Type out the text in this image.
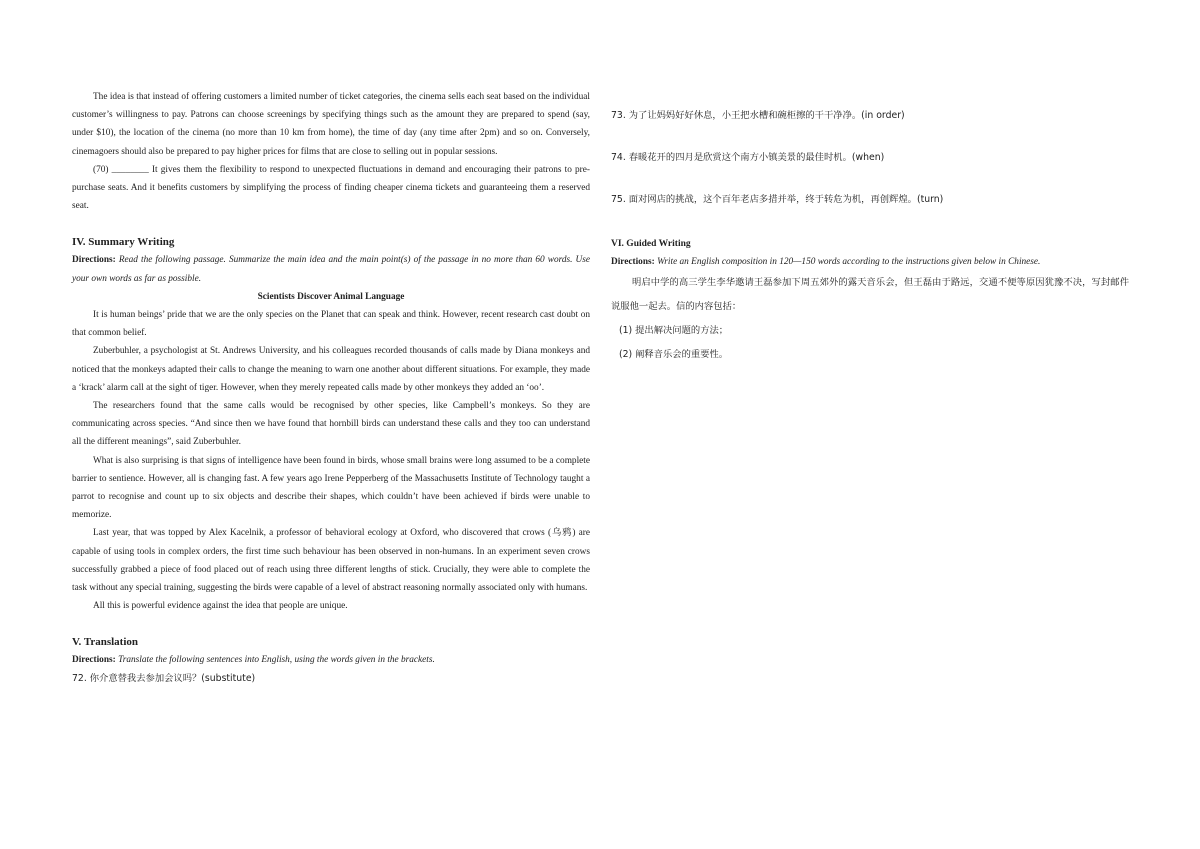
The idea is that instead of offering customers a limited number of ticket categories, the cinema sells each seat based on the individual customer’s willingness to pay. Patrons can choose screenings by specifying things such as the amount they are prepared to spend (say, under $10), the location of the cinema (no more than 10 km from home), the time of day (any time after 2pm) and so on. Conversely, cinemagoers should also be prepared to pay higher prices for films that are close to selling out in popular sessions.

(70) ________ It gives them the flexibility to respond to unexpected fluctuations in demand and encouraging their patrons to pre-purchase seats. And it benefits customers by simplifying the process of finding cheaper cinema tickets and guaranteeing them a reserved seat.

IV. Summary Writing

Directions: Read the following passage. Summarize the main idea and the main point(s) of the passage in no more than 60 words. Use your own words as far as possible.

Scientists Discover Animal Language

It is human beings’ pride that we are the only species on the Planet that can speak and think. However, recent research cast doubt on that common belief.

Zuberbuhler, a psychologist at St. Andrews University, and his colleagues recorded thousands of calls made by Diana monkeys and noticed that the monkeys adapted their calls to change the meaning to warn one another about different situations. For example, they made a ‘krack’ alarm call at the sight of tiger. However, when they merely repeated calls made by other monkeys they added an ‘oo’.

The researchers found that the same calls would be recognised by other species, like Campbell’s monkeys. So they are communicating across species. “And since then we have found that hornbill birds can understand these calls and they too can understand all the different meanings”, said Zuberbuhler.

What is also surprising is that signs of intelligence have been found in birds, whose small brains were long assumed to be a complete barrier to sentience. However, all is changing fast. A few years ago Irene Pepperberg of the Massachusetts Institute of Technology taught a parrot to recognise and count up to six objects and describe their shapes, which couldn’t have been achieved if birds were unable to memorize.

Last year, that was topped by Alex Kacelnik, a professor of behavioral ecology at Oxford, who discovered that crows (乌鸦) are capable of using tools in complex orders, the first time such behaviour has been observed in non-humans. In an experiment seven crows successfully grabbed a piece of food placed out of reach using three different lengths of stick. Crucially, they were able to complete the task without any special training, suggesting the birds were capable of a level of abstract reasoning normally associated only with humans.

All this is powerful evidence against the idea that people are unique.

V. Translation

Directions: Translate the following sentences into English, using the words given in the brackets.

72. 你介意替我去参加会议吗？(substitute)

73. 为了让妈妈好好休息，小王把水槽和碗柜擦的干干净净。(in order)

74. 春暖花开的四月是欣赏这个南方小镇美景的最佳时机。(when)

75. 面对网店的挑战，这个百年老店多措并举，终于转危为机，再创辉煌。(turn)

VI. Guided Writing

Directions: Write an English composition in 120—150 words according to the instructions given below in Chinese.

明启中学的高三学生李华邀请王磊参加下周五郊外的露天音乐会，但王磊由于路远，交通不便等原因犹豫不决，写封邮件说服他一起去。信的内容包括：

(1) 提出解决问题的方法；

(2) 阐释音乐会的重要性。
